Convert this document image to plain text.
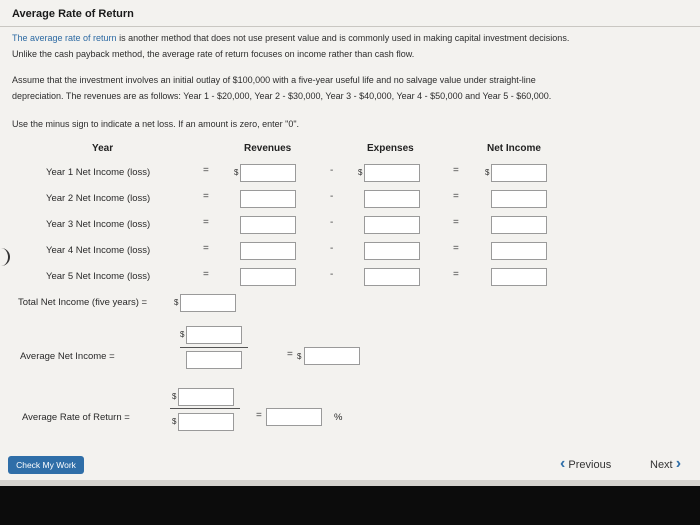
Average Rate of Return
The average rate of return is another method that does not use present value and is commonly used in making capital investment decisions.
Unlike the cash payback method, the average rate of return focuses on income rather than cash flow.
Assume that the investment involves an initial outlay of $100,000 with a five-year useful life and no salvage value under straight-line
depreciation. The revenues are as follows: Year 1 - $20,000, Year 2 - $30,000, Year 3 - $40,000, Year 4 - $50,000 and Year 5 - $60,000.
Use the minus sign to indicate a net loss. If an amount is zero, enter "0".
Year	Revenues	Expenses	Net Income
Year 1 Net Income (loss)	=	$	-	$	=	$
Year 2 Net Income (loss)	=	-	=
Year 3 Net Income (loss)	=	-	=
Year 4 Net Income (loss)	=	-	=
Year 5 Net Income (loss)	=	-	=
Total Net Income (five years) =	$
$
Average Net Income =	= $
$
$
Average Rate of Return =	=	%
Check My Work	‹ Previous	Next ›
